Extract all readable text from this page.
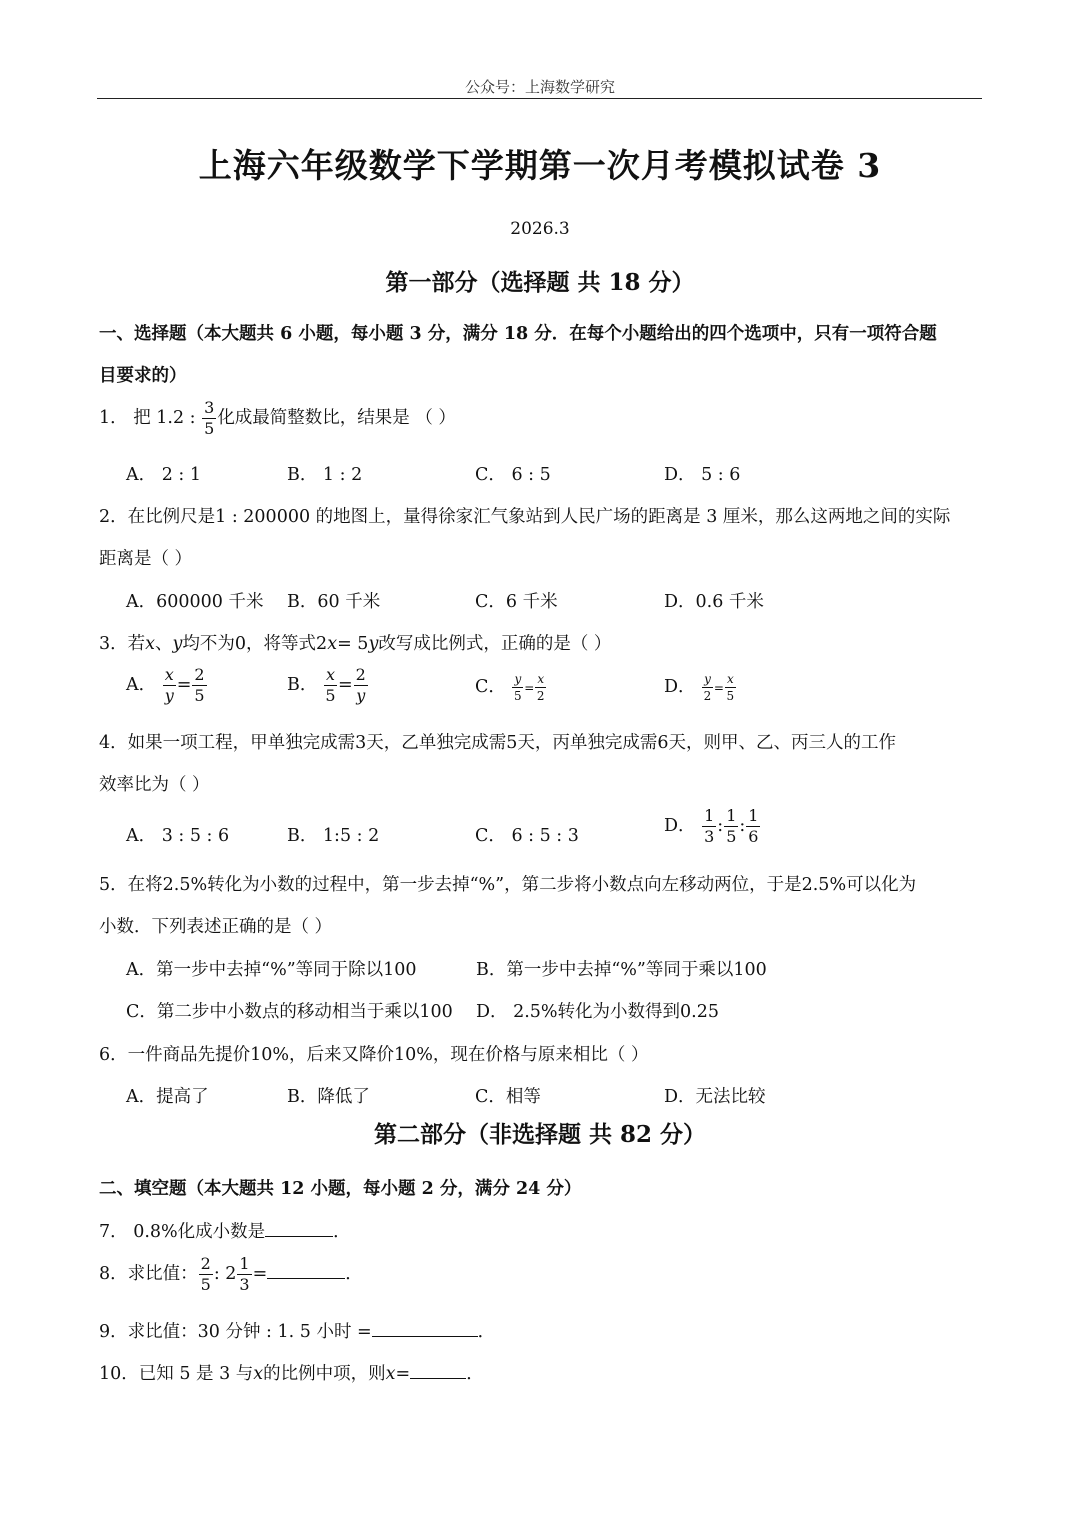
公众号：上海数学研究
上海六年级数学下学期第一次月考模拟试卷 3
2026.3
第一部分（选择题 共 18 分）
一、选择题（本大题共 6 小题，每小题 3 分，满分 18 分．在每个小题给出的四个选项中，只有一项符合题
目要求的）
1． 把 1.2 : $\frac{3}{5}$ 化成最简整数比，结果是 （ ）
A． 2 : 1	B． 1 : 2	C． 6 : 5	D． 5 : 6
2．在比例尺是1 : 200000 的地图上，量得徐家汇气象站到人民广场的距离是 3 厘米，那么这两地之间的实际
距离是（ ）
A．600000 千米 B．60 千米	C．6 千米	D．0.6 千米
3．若x、y均不为0，将等式2x= 5y改写成比例式，正确的是（ ）
A． $\frac{x}{y} = \frac{2}{5}$	B． $\frac{x}{5} = \frac{2}{y}$	C． $\frac{y}{5} = \frac{x}{2}$	D． $\frac{y}{2} = \frac{x}{5}$
4．如果一项工程，甲单独完成需3天，乙单独完成需5天，丙单独完成需6天，则甲、乙、丙三人的工作
效率比为（ ）
A． 3 : 5 : 6	B． 1:5 : 2	C． 6 : 5 : 3	D． $\frac{1}{3}$ : $\frac{1}{5}$ : $\frac{1}{6}$
5．在将2.5%转化为小数的过程中，第一步去掉“%”，第二步将小数点向左移动两位，于是2.5%可以化为
小数．下列表述正确的是（ ）
A．第一步中去掉“%”等同于除以100	B．第一步中去掉“%”等同于乘以100
C．第二步中小数点的移动相当于乘以100 D． 2.5%转化为小数得到0.25
6．一件商品先提价10%，后来又降价10%，现在价格与原来相比（ ）
A．提高了	B．降低了	C．相等	D．无法比较
第二部分（非选择题 共 82 分）
二、填空题（本大题共 12 小题，每小题 2 分，满分 24 分）
7． 0.8%化成小数是	．
8．求比值： $\frac{2}{5}$ : $2 \frac{1}{3}$ =	．
9．求比值：30 分钟 : 1. 5 小时 =	．
10．已知 5 是 3 与x的比例中项，则x=	．
